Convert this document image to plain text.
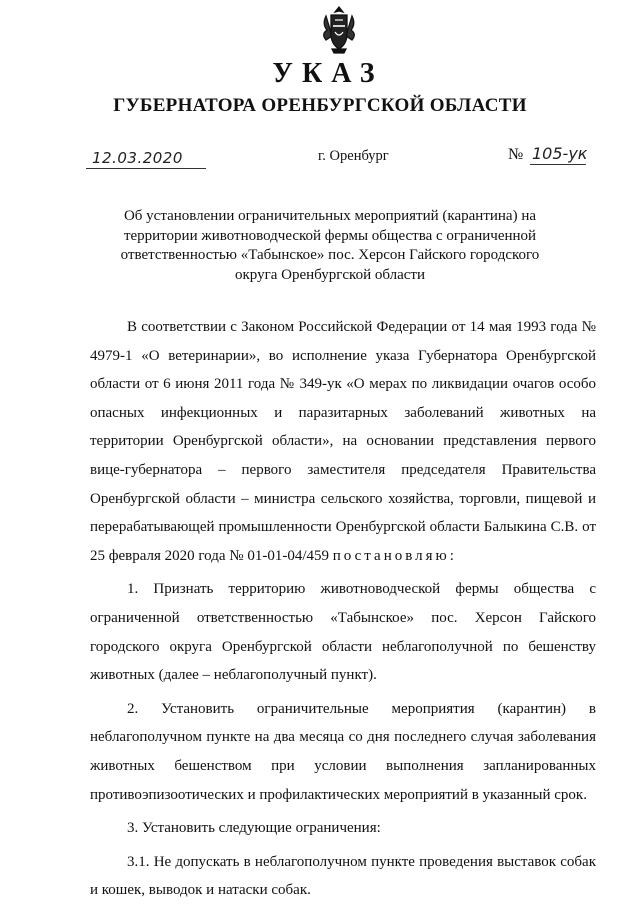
УКАЗ
ГУБЕРНАТОРА ОРЕНБУРГСКОЙ ОБЛАСТИ
12.03.2020	г. Оренбург	№ 105-ук
Об установлении ограничительных мероприятий (карантина) на территории животноводческой фермы общества с ограниченной ответственностью «Табынское» пос. Херсон Гайского городского округа Оренбургской области

В соответствии с Законом Российской Федерации от 14 мая 1993 года № 4979-1 «О ветеринарии», во исполнение указа Губернатора Оренбургской области от 6 июня 2011 года № 349-ук «О мерах по ликвидации очагов особо опасных инфекционных и паразитарных заболеваний животных на территории Оренбургской области», на основании представления первого вице-губернатора – первого заместителя председателя Правительства Оренбургской области – министра сельского хозяйства, торговли, пищевой и перерабатывающей промышленности Оренбургской области Балыкина С.В. от 25 февраля 2020 года № 01-01-04/459 постановляю:

1. Признать территорию животноводческой фермы общества с ограниченной ответственностью «Табынское» пос. Херсон Гайского городского округа Оренбургской области неблагополучной по бешенству животных (далее – неблагополучный пункт).

2. Установить ограничительные мероприятия (карантин) в неблагополучном пункте на два месяца со дня последнего случая заболевания животных бешенством при условии выполнения запланированных противоэпизоотических и профилактических мероприятий в указанный срок.

3. Установить следующие ограничения:

3.1. Не допускать в неблагополучном пункте проведения выставок собак и кошек, выводок и натаски собак.
